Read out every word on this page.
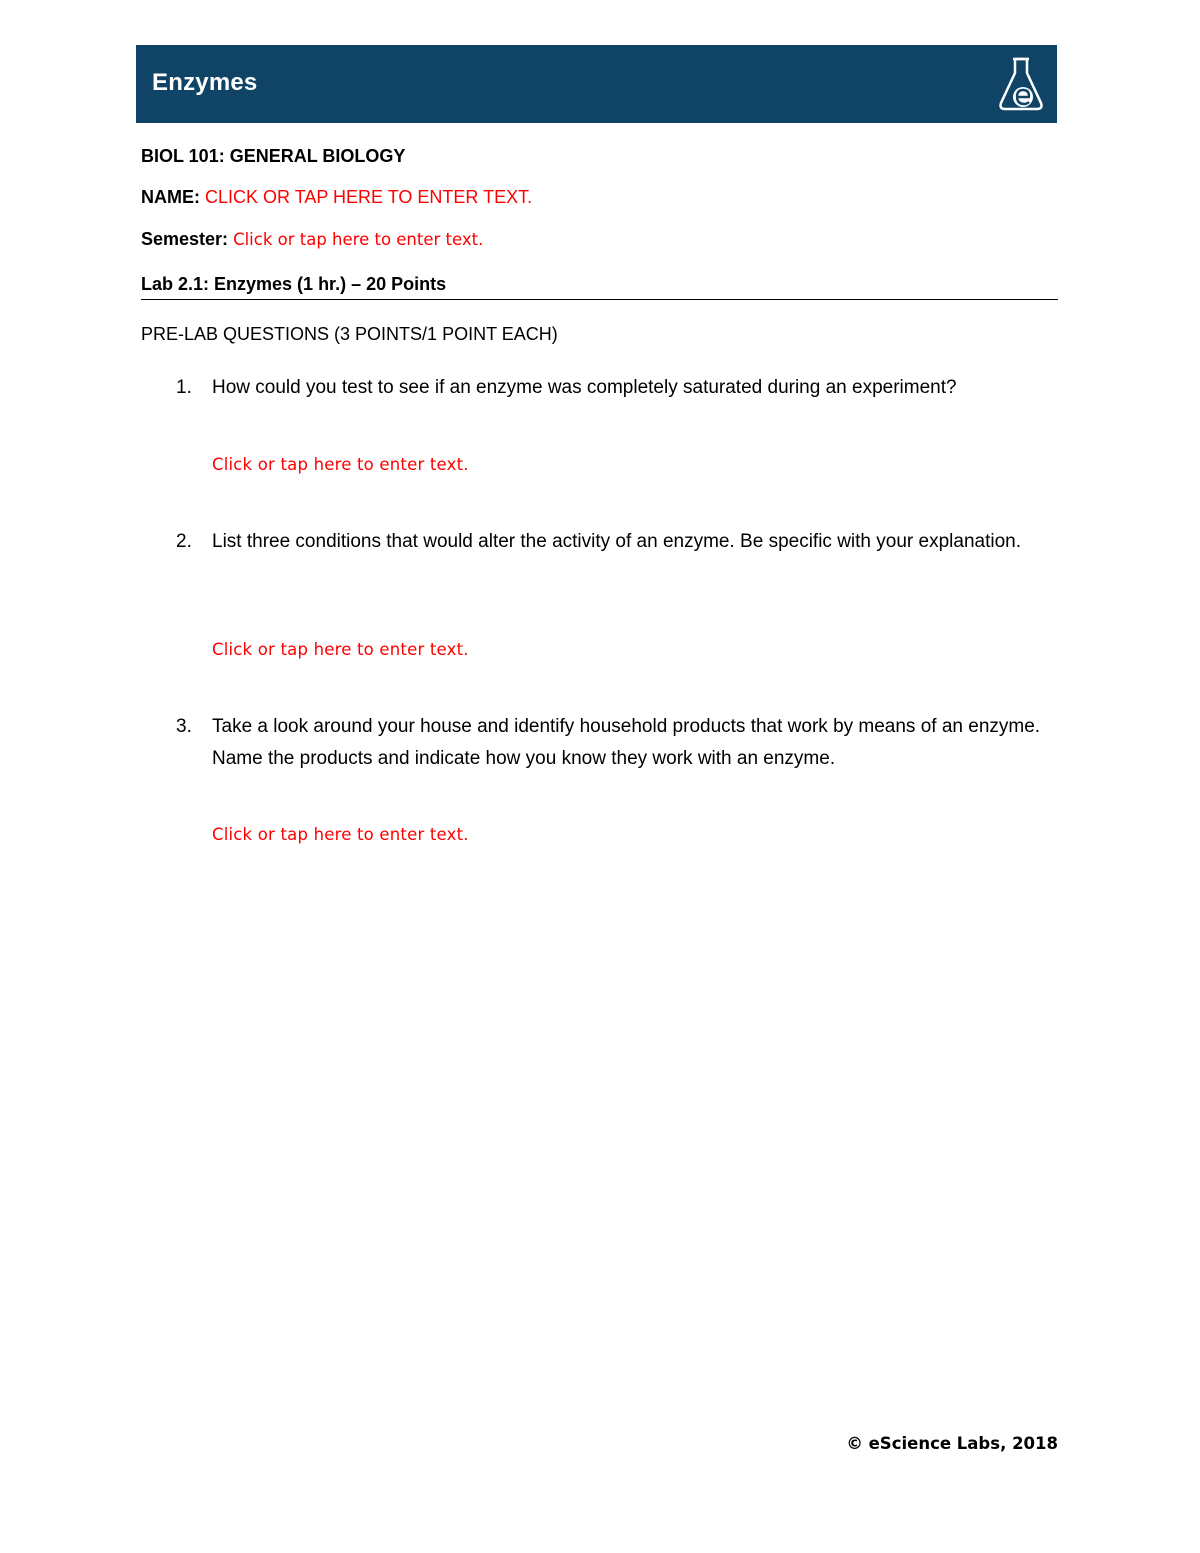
Enzymes
BIOL 101: GENERAL BIOLOGY
NAME: CLICK OR TAP HERE TO ENTER TEXT.
Semester: Click or tap here to enter text.
Lab 2.1: Enzymes (1 hr.) – 20 Points
PRE-LAB QUESTIONS (3 POINTS/1 POINT EACH)
1.	How could you test to see if an enzyme was completely saturated during an experiment?
Click or tap here to enter text.
2.	List three conditions that would alter the activity of an enzyme. Be specific with your explanation.
Click or tap here to enter text.
3.	Take a look around your house and identify household products that work by means of an enzyme. Name the products and indicate how you know they work with an enzyme.
Click or tap here to enter text.
© eScience Labs, 2018
